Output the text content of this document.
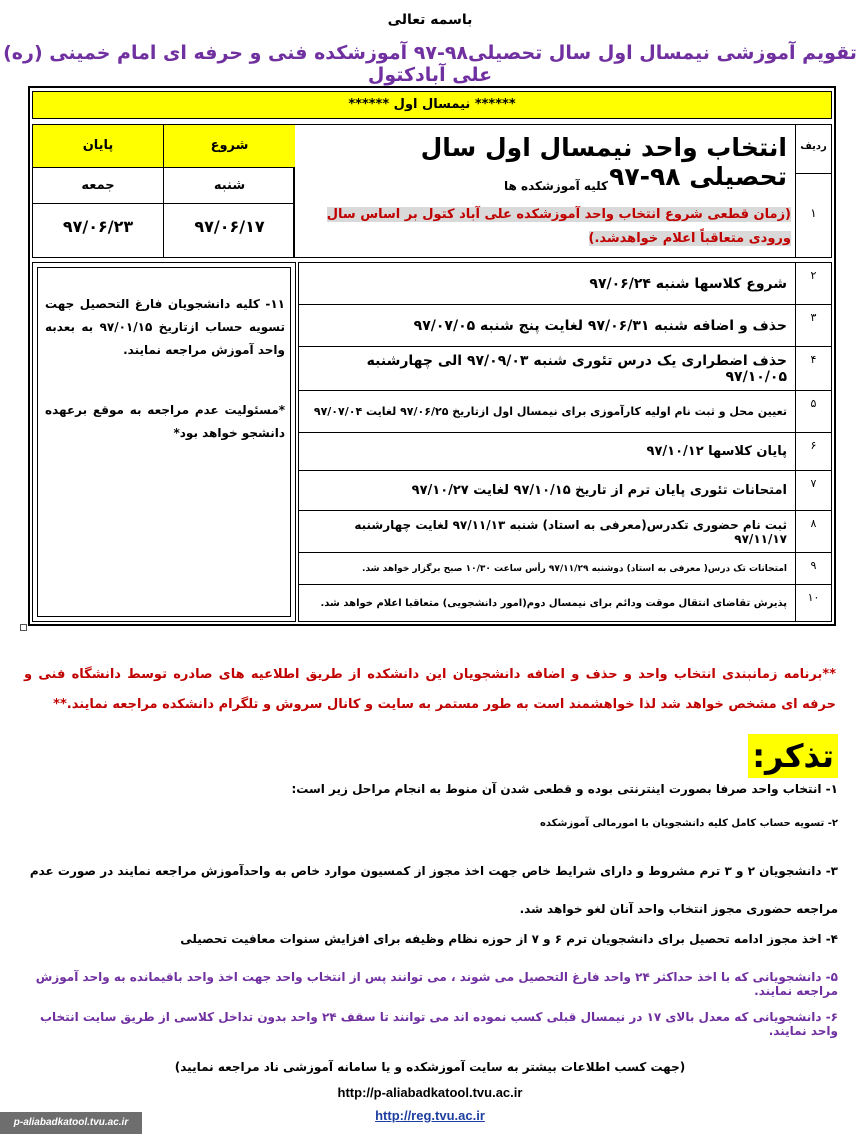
باسمه تعالی
تقویم آموزشی نیمسال اول سال تحصیلی۹۸-۹۷ آموزشکده فنی و حرفه ای امام خمینی (ره) علی آبادکتول
****** نیمسال اول ******
ردیف
۱
انتخاب واحد نیمسال اول سال تحصیلی ۹۸-۹۷
کلیه آموزشکده ها
(زمان قطعی شروع انتخاب واحد آموزشکده علی آباد کتول بر اساس سال ورودی متعاقباً اعلام خواهدشد.)
پایان	شروع
جمعه	شنبه
۹۷/۰۶/۲۳	۹۷/۰۶/۱۷
۱۱- کلیه دانشجویان فارغ التحصیل جهت تسویه حساب ازتاریخ ۹۷/۰۱/۱۵ به بعدبه واحد آموزش مراجعه نمایند.
*مسئولیت عدم مراجعه به موقع برعهده دانشجو خواهد بود*
۲
شروع کلاسها شنبه ۹۷/۰۶/۲۴
۳
حذف و اضافه شنبه ۹۷/۰۶/۳۱ لغایت پنج شنبه ۹۷/۰۷/۰۵
۴
حذف اضطراری یک درس تئوری شنبه ۹۷/۰۹/۰۳ الی چهارشنبه ۹۷/۱۰/۰۵
۵
تعیین محل و ثبت نام اولیه کارآموزی برای نیمسال اول ازتاریخ ۹۷/۰۶/۲۵ لغایت ۹۷/۰۷/۰۴
۶
پایان کلاسها ۹۷/۱۰/۱۲
۷
امتحانات تئوری پایان ترم از تاریخ ۹۷/۱۰/۱۵ لغایت ۹۷/۱۰/۲۷
۸
ثبت نام حضوری تکدرس(معرفی به استاد) شنبه ۹۷/۱۱/۱۳ لغایت چهارشنبه ۹۷/۱۱/۱۷
۹
امتحانات تک درس( معرفی به استاد) دوشنبه ۹۷/۱۱/۲۹ رأس ساعت ۱۰/۳۰ صبح برگزار خواهد شد.
۱۰
پذیرش تقاضای انتقال موقت ودائم برای نیمسال دوم(امور دانشجویی) متعاقبا اعلام خواهد شد.
**برنامه زمانبندی انتخاب واحد و حذف و اضافه دانشجویان این دانشکده از طریق اطلاعیه های صادره توسط دانشگاه فنی و حرفه ای مشخص خواهد شد لذا خواهشمند است به طور مستمر به سایت و کانال سروش و تلگرام دانشکده مراجعه نمایند.**
تذکر:
۱- انتخاب واحد صرفا بصورت اینترنتی بوده و قطعی شدن آن منوط به انجام مراحل زیر است:
۲- تسویه حساب کامل کلیه دانشجویان با امورمالی آموزشکده
۳- دانشجویان ۲ و ۳ ترم مشروط و دارای شرایط خاص جهت اخذ مجوز از کمسیون موارد خاص به واحدآموزش مراجعه نمایند در صورت عدم مراجعه حضوری مجوز انتخاب واحد آنان لغو خواهد شد.
۴- اخذ مجوز ادامه تحصیل برای دانشجویان ترم ۶ و ۷ از حوزه نظام وظیفه برای افزایش سنوات معافیت تحصیلی
۵- دانشجویانی که با اخذ حداکثر ۲۴ واحد فارغ التحصیل می شوند ، می توانند پس از انتخاب واحد جهت اخذ واحد باقیمانده به واحد آموزش مراجعه نمایند.
۶- دانشجویانی که معدل بالای ۱۷ در نیمسال قبلی کسب نموده اند می توانند تا سقف ۲۴ واحد بدون تداخل کلاسی از طریق سایت انتخاب واحد نمایند.
(جهت کسب اطلاعات بیشتر به سایت آموزشکده و یا سامانه آموزشی ناد مراجعه نمایید)
http://p-aliabadkatool.tvu.ac.ir
http://reg.tvu.ac.ir
p-aliabadkatool.tvu.ac.ir
